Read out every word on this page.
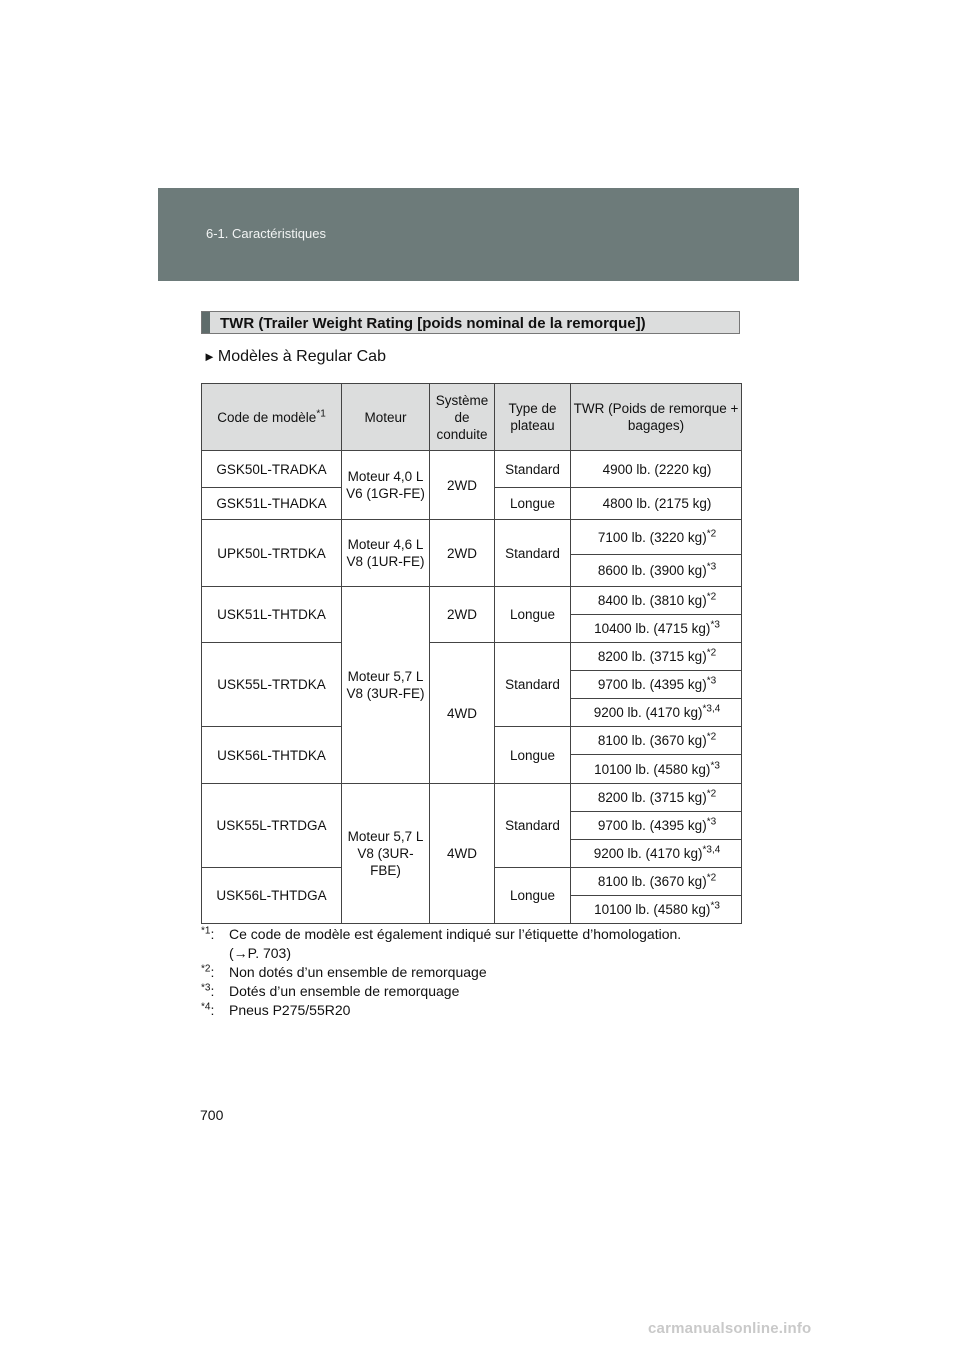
6-1. Caractéristiques
TWR (Trailer Weight Rating [poids nominal de la remorque])
► Modèles à Regular Cab
Code de modèle$^{*1}$	Moteur	Système de conduite	Type de plateau	TWR (Poids de remorque + bagages)
GSK50L-TRADKA	Moteur 4,0 L V6 (1GR-FE)	2WD	Standard	4900 lb. (2220 kg)
GSK51L-THADKA			Longue	4800 lb. (2175 kg)
UPK50L-TRTDKA	Moteur 4,6 L V8 (1UR-FE)	2WD	Standard	7100 lb. (3220 kg)$^{*2}$
				8600 lb. (3900 kg)$^{*3}$
USK51L-THTDKA	Moteur 5,7 L V8 (3UR-FE)	2WD	Longue	8400 lb. (3810 kg)$^{*2}$
				10400 lb. (4715 kg)$^{*3}$
USK55L-TRTDKA		4WD	Standard	8200 lb. (3715 kg)$^{*2}$
				9700 lb. (4395 kg)$^{*3}$
				9200 lb. (4170 kg)$^{*3,4}$
USK56L-THTDKA			Longue	8100 lb. (3670 kg)$^{*2}$
				10100 lb. (4580 kg)$^{*3}$
USK55L-TRTDGA	Moteur 5,7 L V8 (3UR-FBE)	4WD	Standard	8200 lb. (3715 kg)$^{*2}$
				9700 lb. (4395 kg)$^{*3}$
				9200 lb. (4170 kg)$^{*3,4}$
USK56L-THTDGA			Longue	8100 lb. (3670 kg)$^{*2}$
				10100 lb. (4580 kg)$^{*3}$
$^{*1}$: Ce code de modèle est également indiqué sur l’étiquette d’homologation.
(→P. 703)
$^{*2}$: Non dotés d’un ensemble de remorquage
$^{*3}$: Dotés d’un ensemble de remorquage
$^{*4}$: Pneus P275/55R20
700
carmanualsonline.info
